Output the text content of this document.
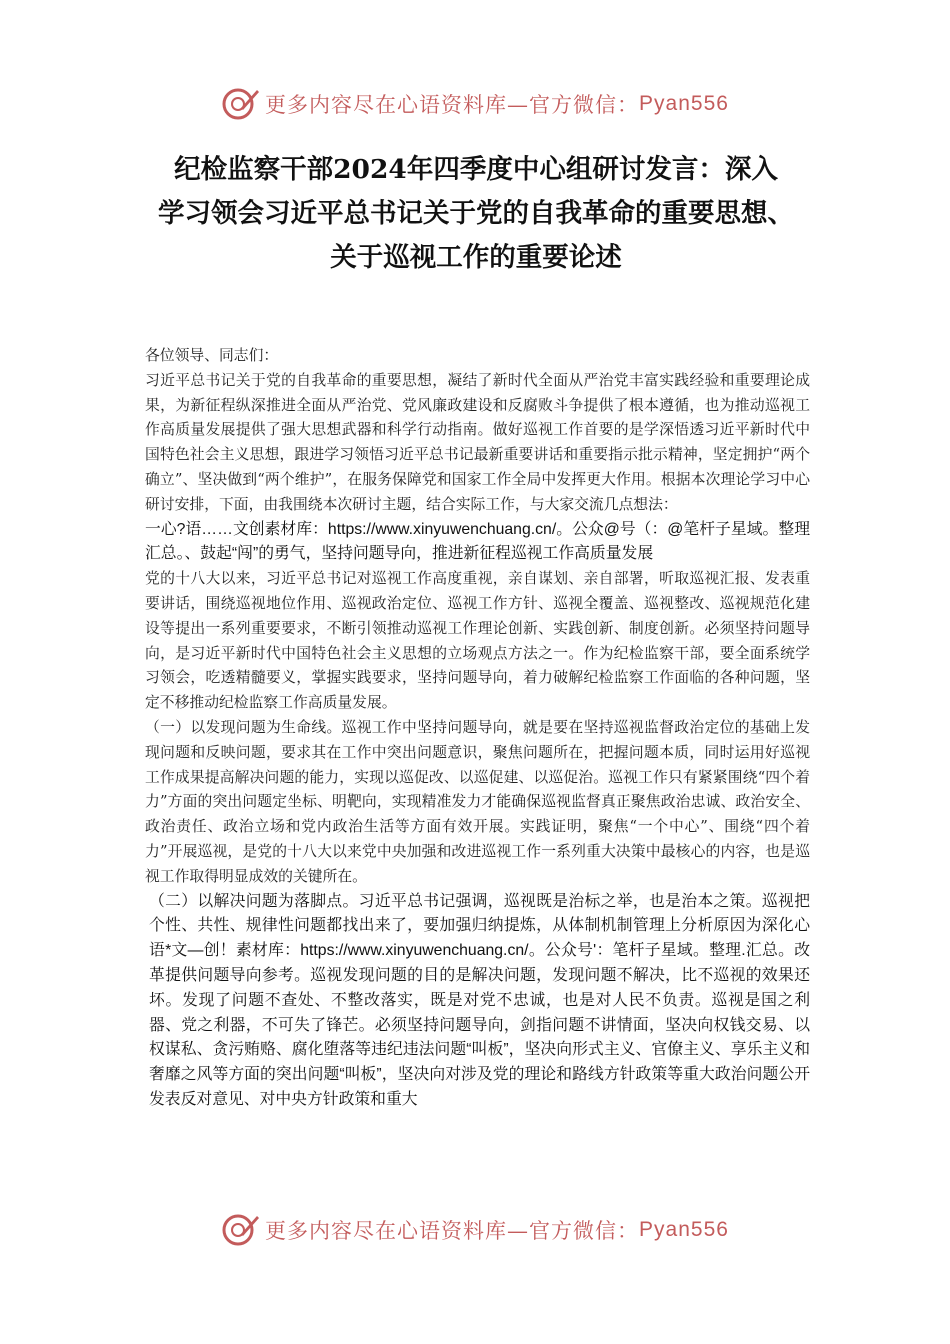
更多内容尽在心语资料库—官方微信： Pyan556
纪检监察干部2024年四季度中心组研讨发言：深入
学习领会习近平总书记关于党的自我革命的重要思想、
关于巡视工作的重要论述

各位领导、同志们：

习近平总书记关于党的自我革命的重要思想，凝结了新时代全面从严治党丰富实践经验和重要理论成果，为新征程纵深推进全面从严治党、党风廉政建设和反腐败斗争提供了根本遵循，也为推动巡视工作高质量发展提供了强大思想武器和科学行动指南。做好巡视工作首要的是学深悟透习近平新时代中国特色社会主义思想，跟进学习领悟习近平总书记最新重要讲话和重要指示批示精神，坚定拥护“两个确立”、坚决做到“两个维护”，在服务保障党和国家工作全局中发挥更大作用。根据本次理论学习中心研讨安排，下面，由我围绕本次研讨主题，结合实际工作，与大家交流几点想法：

一心?语……文创素材库：https://www.xinyuwenchuang.cn/。公众@号（：@笔杆子星域。整理汇总。、鼓起“闯”的勇气，坚持问题导向，推进新征程巡视工作高质量发展

党的十八大以来，习近平总书记对巡视工作高度重视，亲自谋划、亲自部署，听取巡视汇报、发表重要讲话，围绕巡视地位作用、巡视政治定位、巡视工作方针、巡视全覆盖、巡视整改、巡视规范化建设等提出一系列重要要求，不断引领推动巡视工作理论创新、实践创新、制度创新。必须坚持问题导向，是习近平新时代中国特色社会主义思想的立场观点方法之一。作为纪检监察干部，要全面系统学习领会，吃透精髓要义，掌握实践要求，坚持问题导向，着力破解纪检监察工作面临的各种问题，坚定不移推动纪检监察工作高质量发展。

（一）以发现问题为生命线。巡视工作中坚持问题导向，就是要在坚持巡视监督政治定位的基础上发现问题和反映问题，要求其在工作中突出问题意识，聚焦问题所在，把握问题本质，同时运用好巡视工作成果提高解决问题的能力，实现以巡促改、以巡促建、以巡促治。巡视工作只有紧紧围绕“四个着力”方面的突出问题定坐标、明靶向，实现精准发力才能确保巡视监督真正聚焦政治忠诚、政治安全、政治责任、政治立场和党内政治生活等方面有效开展。实践证明，聚焦“一个中心”、围绕“四个着力”开展巡视，是党的十八大以来党中央加强和改进巡视工作一系列重大决策中最核心的内容，也是巡视工作取得明显成效的关键所在。

（二）以解决问题为落脚点。习近平总书记强调，巡视既是治标之举，也是治本之策。巡视把个性、共性、规律性问题都找出来了，要加强归纳提炼，从体制机制管理上分析原因为深化心语*文—创！素材库：https://www.xinyuwenchuang.cn/。公众号'：笔杆子星域。整理.汇总。改革提供问题导向参考。巡视发现问题的目的是解决问题，发现问题不解决，比不巡视的效果还坏。发现了问题不查处、不整改落实，既是对党不忠诚，也是对人民不负责。巡视是国之利器、党之利器，不可失了锋芒。必须坚持问题导向，剑指问题不讲情面，坚决向权钱交易、以权谋私、贪污贿赂、腐化堕落等违纪违法问题“叫板”，坚决向形式主义、官僚主义、享乐主义和奢靡之风等方面的突出问题“叫板”，坚决向对涉及党的理论和路线方针政策等重大政治问题公开发表反对意见、对中央方针政策和重大

更多内容尽在心语资料库—官方微信： Pyan556
